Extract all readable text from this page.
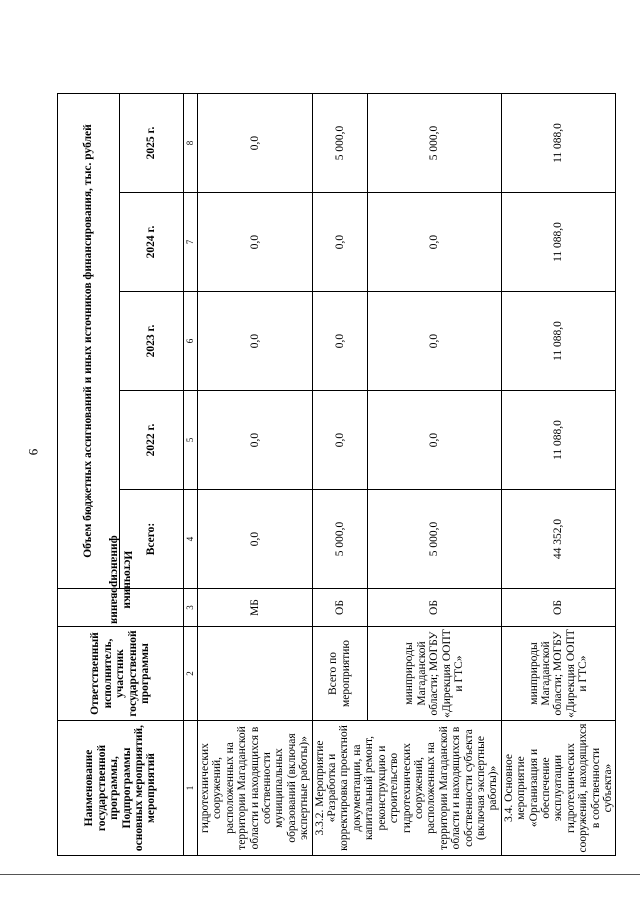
9
Наименование государственной программы, Подпрограммы основных мероприятий, мероприятий	Ответственный исполнитель, участник государственной программы	Источники финансирования	Объем бюджетных ассигнований и иных источников финансирования, тыс. рублей				
			Всего:	2022 г.	2023 г.	2024 г.	2025 г.
1	2	3	4	5	6	7	8
гидротехнических сооружений, расположенных на территории Магаданской области и находящихся в собственности муниципальных образований (включая экспертные работы)»		МБ	0,0	0,0	0,0	0,0	0,0
3.3.2. Мероприятие «Разработка и корректировка проектной документации, на капитальный ремонт, реконструкцию и строительство гидротехнических сооружений, расположенных на территории Магаданской области и находящихся в собственности субъекта (включая экспертные работы)»	Всего по мероприятию	ОБ	5 000,0	0,0	0,0	0,0	5 000,0
	минприроды Магаданской области; МОГБУ «Дирекция ООПТ и ГТС»	ОБ	5 000,0	0,0	0,0	0,0	5 000,0
3.4. Основное мероприятие «Организация и обеспечение эксплуатации гидротехнических сооружений, находящихся в собственности субъекта»	минприроды Магаданской области; МОГБУ «Дирекция ООПТ и ГТС»	ОБ	44 352,0	11 088,0	11 088,0	11 088,0	11 088,0
